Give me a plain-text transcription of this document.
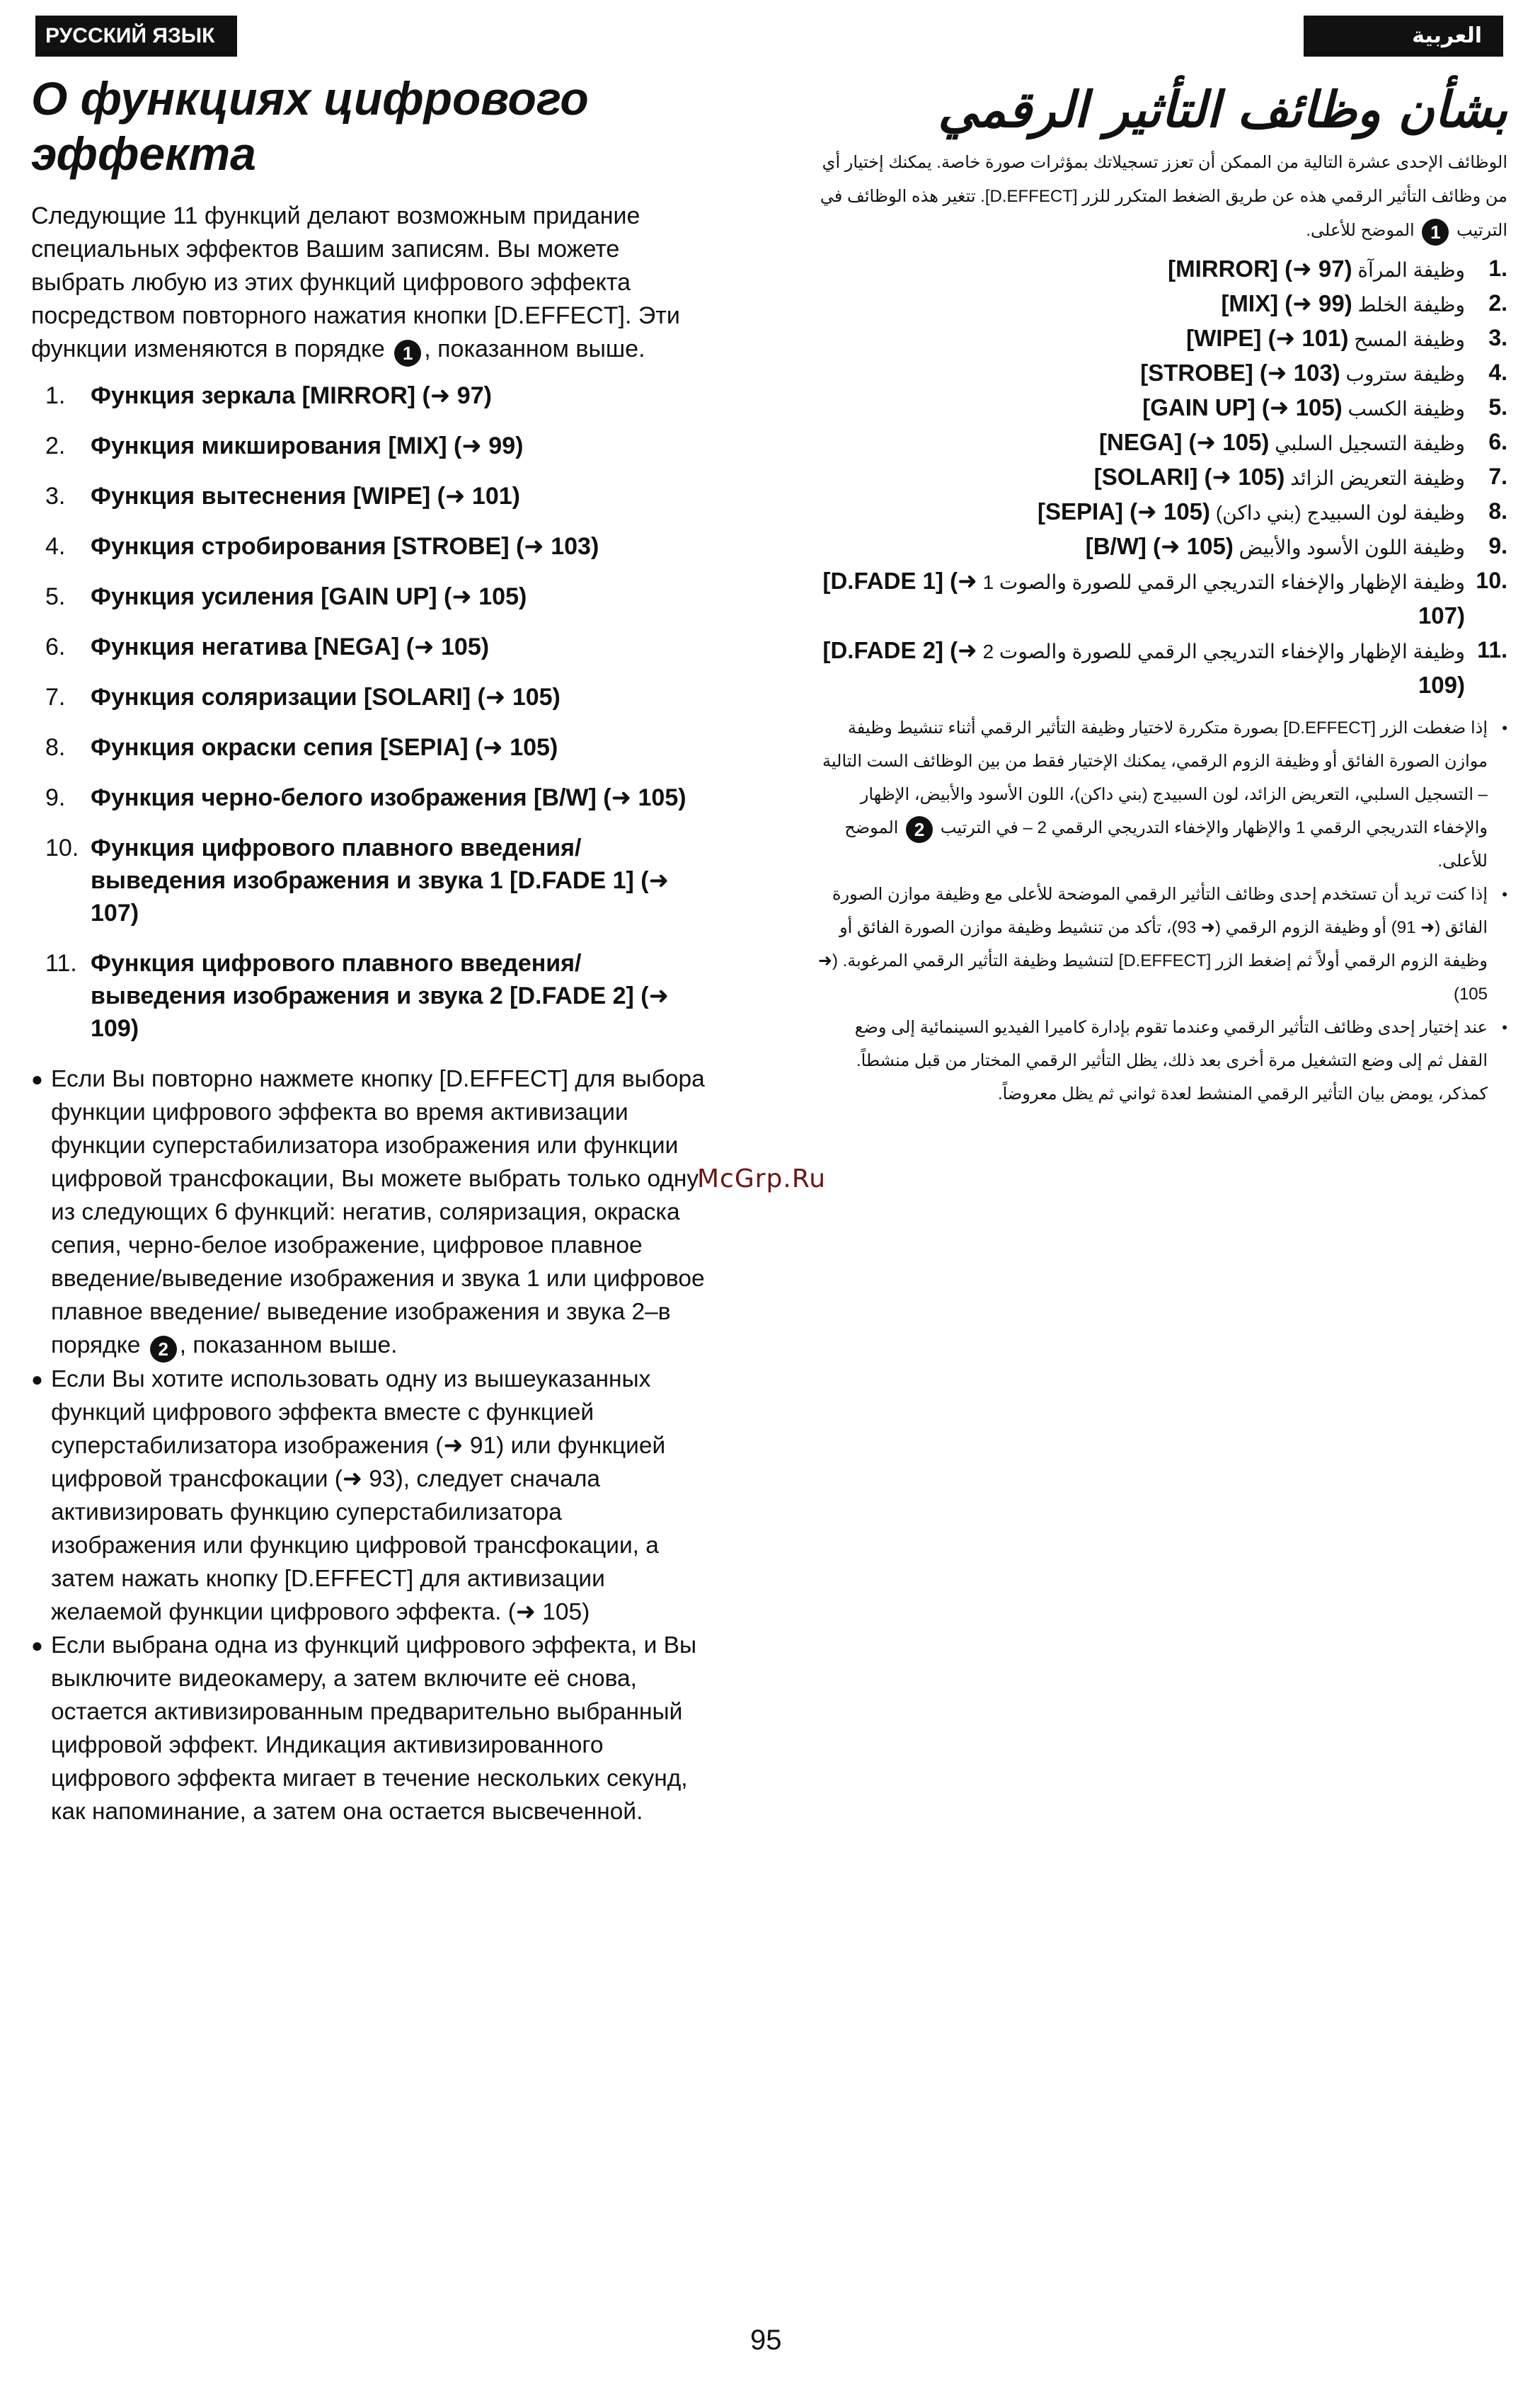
РУССКИЙ ЯЗЫК	العربية
О функциях цифрового эффекта

Следующие 11 функций делают возможным придание специальных эффектов Вашим записям. Вы можете выбрать любую из этих функций цифрового эффекта посредством повторного нажатия кнопки [D.EFFECT]. Эти функции изменяются в порядке 1 , показанном выше.

1.	Функция зеркала [MIRROR] (➜ 97)
2.	Функция микширования [MIX] (➜ 99)
3.	Функция вытеснения [WIPE] (➜ 101)
4.	Функция стробирования [STROBE] (➜ 103)
5.	Функция усиления [GAIN UP] (➜ 105)
6.	Функция негатива [NEGA] (➜ 105)
7.	Функция соляризации [SOLARI] (➜ 105)
8.	Функция окраски сепия [SEPIA] (➜ 105)
9.	Функция черно-белого изображения [B/W] (➜ 105)
10. Функция цифрового плавного введения/ выведения изображения и звука 1 [D.FADE 1] (➜ 107)
11. Функция цифрового плавного введения/ выведения изображения и звука 2 [D.FADE 2] (➜ 109)
● Если Вы повторно нажмете кнопку [D.EFFECT] для выбора функции цифрового эффекта во время активизации функции суперстабилизатора изображения или функции цифровой трансфокации, Вы можете выбрать только одну из следующих 6 функций: негатив, соляризация, окраска сепия, черно-белое изображение, цифровое плавное введение/выведение изображения и звука 1 или цифровое плавное введение/ выведение изображения и звука 2–в порядке 2 , показанном выше.
● Если Вы хотите использовать одну из вышеуказанных функций цифрового эффекта вместе с функцией суперстабилизатора изображения (➜ 91) или функцией цифровой трансфокации (➜ 93), следует сначала активизировать функцию суперстабилизатора изображения или функцию цифровой трансфокации, а затем нажать кнопку [D.EFFECT] для активизации желаемой функции цифрового эффекта. (➜ 105)
● Если выбрана одна из функций цифрового эффекта, и Вы выключите видеокамеру, а затем включите её снова, остается активизированным предварительно выбранный цифровой эффект. Индикация активизированного цифрового эффекта мигает в течение нескольких секунд, как напоминание, а затем она остается высвеченной.
McGrp.Ru
بشأن وظائف التأثير الرقمي

الوظائف الإحدى عشرة التالية من الممكن أن تعزز تسجيلاتك بمؤثرات صورة خاصة. يمكنك إختيار أي من وظائف التأثير الرقمي هذه عن طريق الضغط المتكرر للزر [D.EFFECT]. تتغير هذه الوظائف في الترتيب 1 الموضح للأعلى.

.1
وظيفة المرآة [MIRROR] (➜ 97)
.2
وظيفة الخلط [MIX] (➜ 99)
.3
وظيفة المسح [WIPE] (➜ 101)
.4
وظيفة ستروب [STROBE] (➜ 103)
.5
وظيفة الكسب [GAIN UP] (➜ 105)
.6
وظيفة التسجيل السلبي [NEGA] (➜ 105)
.7
وظيفة التعريض الزائد [SOLARI] (➜ 105)
.8
وظيفة لون السبيدج (بني داكن) [SEPIA] (➜ 105)
.9
وظيفة اللون الأسود والأبيض [B/W] (➜ 105)
.10
وظيفة الإظهار والإخفاء التدريجي الرقمي للصورة والصوت 1 [D.FADE 1] (➜ 107)
.11
وظيفة الإظهار والإخفاء التدريجي الرقمي للصورة والصوت 2 [D.FADE 2] (➜ 109)
•
إذا ضغطت الزر [D.EFFECT] بصورة متكررة لاختيار وظيفة التأثير الرقمي أثناء تنشيط وظيفة موازن الصورة الفائق أو وظيفة الزوم الرقمي، يمكنك الإختيار فقط من بين الوظائف الست التالية – التسجيل السلبي، التعريض الزائد، لون السبيدج (بني داكن)، اللون الأسود والأبيض، الإظهار والإخفاء التدريجي الرقمي 1 والإظهار والإخفاء التدريجي الرقمي 2 – في الترتيب 2 الموضح للأعلى.
•
إذا كنت تريد أن تستخدم إحدى وظائف التأثير الرقمي الموضحة للأعلى مع وظيفة موازن الصورة الفائق (➜ 91) أو وظيفة الزوم الرقمي (➜ 93)، تأكد من تنشيط وظيفة موازن الصورة الفائق أو وظيفة الزوم الرقمي أولاً ثم إضغط الزر [D.EFFECT] لتنشيط وظيفة التأثير الرقمي المرغوبة. (➜ 105)
•
عند إختيار إحدى وظائف التأثير الرقمي وعندما تقوم بإدارة كاميرا الفيديو السينمائية إلى وضع القفل ثم إلى وضع التشغيل مرة أخرى بعد ذلك، يظل التأثير الرقمي المختار من قبل منشطاً. كمذكر، يومض بيان التأثير الرقمي المنشط لعدة ثواني ثم يظل معروضاً.
95
